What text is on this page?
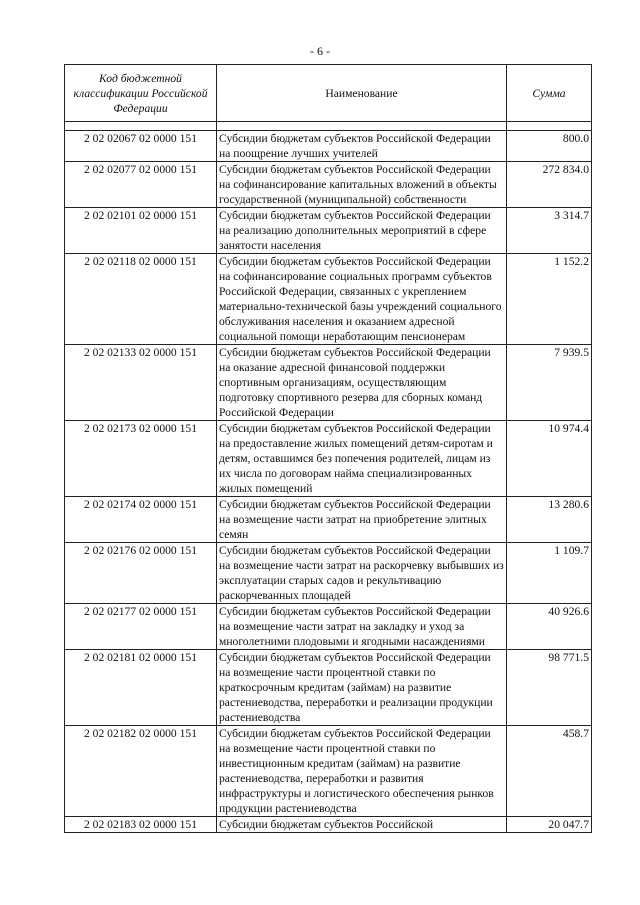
- 6 -
Код бюджетной классификации Российской Федерации	Наименование	Сумма

2 02 02067 02 0000 151	Субсидии бюджетам субъектов Российской Федерации на поощрение лучших учителей	800.0
2 02 02077 02 0000 151	Субсидии бюджетам субъектов Российской Федерации на софинансирование капитальных вложений в объекты государственной (муниципальной) собственности	272 834.0
2 02 02101 02 0000 151	Субсидии бюджетам субъектов Российской Федерации на реализацию дополнительных мероприятий в сфере занятости населения	3 314.7
2 02 02118 02 0000 151	Субсидии бюджетам субъектов Российской Федерации на софинансирование социальных программ субъектов Российской Федерации, связанных с укреплением материально-технической базы учреждений социального обслуживания населения и оказанием адресной социальной помощи неработающим пенсионерам	1 152.2
2 02 02133 02 0000 151	Субсидии бюджетам субъектов Российской Федерации на оказание адресной финансовой поддержки спортивным организациям, осуществляющим подготовку спортивного резерва для сборных команд Российской Федерации	7 939.5
2 02 02173 02 0000 151	Субсидии бюджетам субъектов Российской Федерации на предоставление жилых помещений детям-сиротам и детям, оставшимся без попечения родителей, лицам из их числа по договорам найма специализированных жилых помещений	10 974.4
2 02 02174 02 0000 151	Субсидии бюджетам субъектов Российской Федерации на возмещение части затрат на приобретение элитных семян	13 280.6
2 02 02176 02 0000 151	Субсидии бюджетам субъектов Российской Федерации на возмещение части затрат на раскорчевку выбывших из эксплуатации старых садов и рекультивацию раскорчеванных площадей	1 109.7
2 02 02177 02 0000 151	Субсидии бюджетам субъектов Российской Федерации на возмещение части затрат на закладку и уход за многолетними плодовыми и ягодными насаждениями	40 926.6
2 02 02181 02 0000 151	Субсидии бюджетам субъектов Российской Федерации на возмещение части процентной ставки по краткосрочным кредитам (займам) на развитие растениеводства, переработки и реализации продукции растениеводства	98 771.5
2 02 02182 02 0000 151	Субсидии бюджетам субъектов Российской Федерации на возмещение части процентной ставки по инвестиционным кредитам (займам) на развитие растениеводства, переработки и развития инфраструктуры и логистического обеспечения рынков продукции растениеводства	458.7
2 02 02183 02 0000 151	Субсидии бюджетам субъектов Российской	20 047.7
